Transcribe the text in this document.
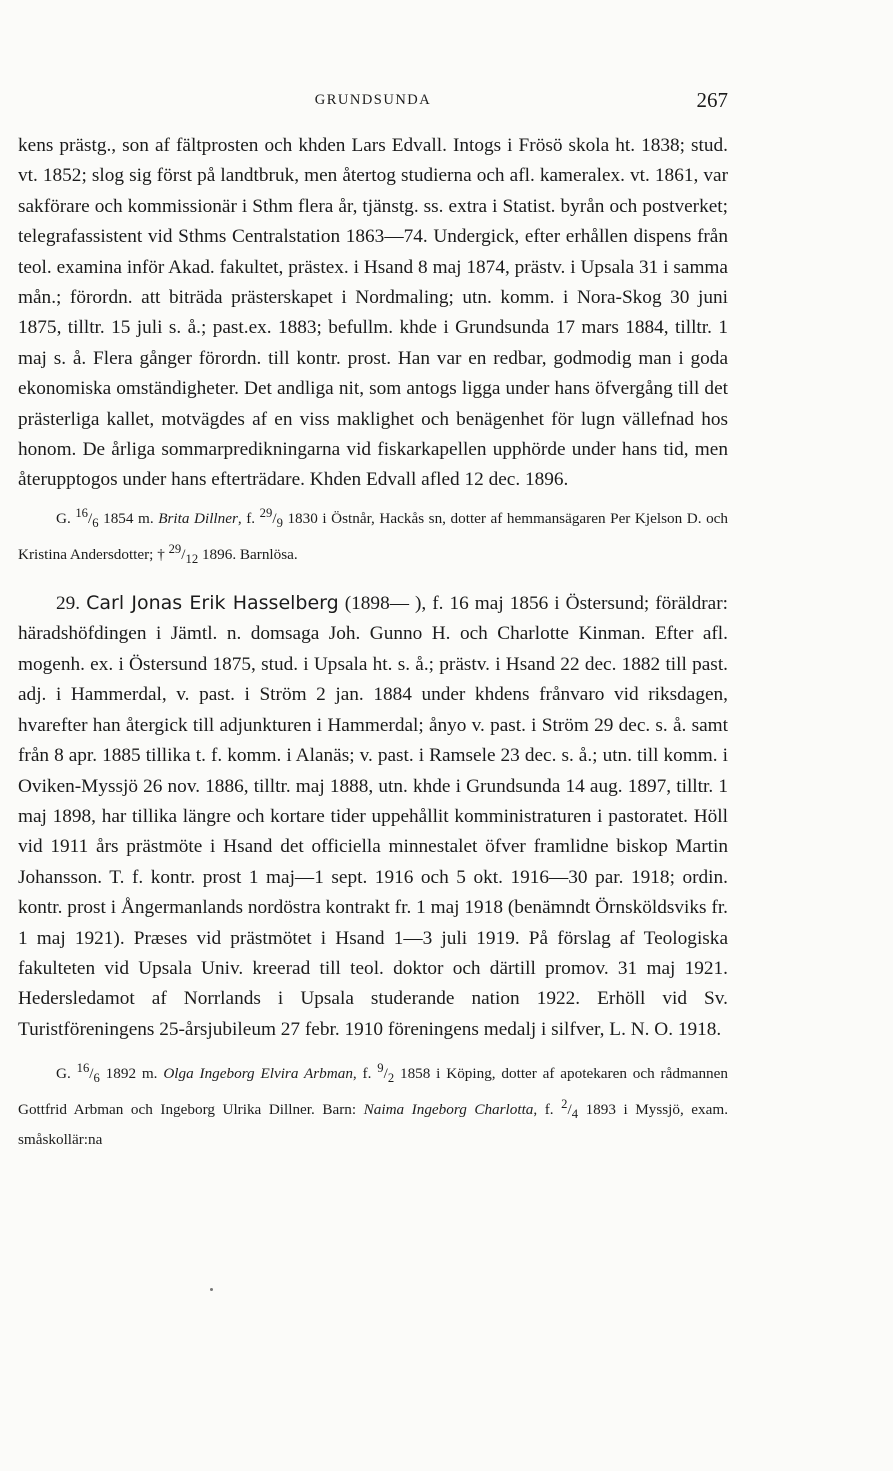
GRUNDSUNDA	267

kens prästg., son af fältprosten och khden Lars Edvall. Intogs i Frösö skola ht. 1838; stud. vt. 1852; slog sig först på landtbruk, men återtog studierna och afl. kameralex. vt. 1861, var sakförare och kommissionär i Sthm flera år, tjänstg. ss. extra i Statist. byrån och postverket; telegrafassistent vid Sthms Centralstation 1863—74. Undergick, efter erhållen dispens från teol. examina inför Akad. fakultet, prästex. i Hsand 8 maj 1874, prästv. i Upsala 31 i samma mån.; förordn. att biträda prästerskapet i Nordmaling; utn. komm. i Nora-Skog 30 juni 1875, tilltr. 15 juli s. å.; past.ex. 1883; befullm. khde i Grundsunda 17 mars 1884, tilltr. 1 maj s. å. Flera gånger förordn. till kontr. prost. Han var en redbar, godmodig man i goda ekonomiska omständigheter. Det andliga nit, som antogs ligga under hans öfvergång till det prästerliga kallet, motvägdes af en viss maklighet och benägenhet för lugn vällefnad hos honom. De årliga sommarpredikningarna vid fiskarkapellen upphörde under hans tid, men återupptogos under hans efterträdare. Khden Edvall afled 12 dec. 1896.

G. $^{16}/_6$ 1854 m. Brita Dillner, f. $^{29}/_9$ 1830 i Östnår, Hackås sn, dotter af hemmansägaren Per Kjelson D. och Kristina Andersdotter; † $^{29}/_{12}$ 1896. Barnlösa.

29. Carl Jonas Erik Hasselberg (1898— ), f. 16 maj 1856 i Östersund; föräldrar: häradshöfdingen i Jämtl. n. domsaga Joh. Gunno H. och Charlotte Kinman. Efter afl. mogenh. ex. i Östersund 1875, stud. i Upsala ht. s. å.; prästv. i Hsand 22 dec. 1882 till past. adj. i Hammerdal, v. past. i Ström 2 jan. 1884 under khdens frånvaro vid riksdagen, hvarefter han återgick till adjunkturen i Hammerdal; ånyo v. past. i Ström 29 dec. s. å. samt från 8 apr. 1885 tillika t. f. komm. i Alanäs; v. past. i Ramsele 23 dec. s. å.; utn. till komm. i Oviken-Myssjö 26 nov. 1886, tilltr. maj 1888, utn. khde i Grundsunda 14 aug. 1897, tilltr. 1 maj 1898, har tillika längre och kortare tider uppehållit komministraturen i pastoratet. Höll vid 1911 års prästmöte i Hsand det officiella minnestalet öfver framlidne biskop Martin Johansson. T. f. kontr. prost 1 maj—1 sept. 1916 och 5 okt. 1916—30 par. 1918; ordin. kontr. prost i Ångermanlands nordöstra kontrakt fr. 1 maj 1918 (benämndt Örnsköldsviks fr. 1 maj 1921). Præses vid prästmötet i Hsand 1—3 juli 1919. På förslag af Teologiska fakulteten vid Upsala Univ. kreerad till teol. doktor och därtill promov. 31 maj 1921. Hedersledamot af Norrlands i Upsala studerande nation 1922. Erhöll vid Sv. Turistföreningens 25-årsjubileum 27 febr. 1910 föreningens medalj i silfver, L. N. O. 1918.

G. $^{16}/_6$ 1892 m. Olga Ingeborg Elvira Arbman, f. $^9/_2$ 1858 i Köping, dotter af apotekaren och rådmannen Gottfrid Arbman och Ingeborg Ulrika Dillner. Barn: Naima Ingeborg Charlotta, f. $^2/_4$ 1893 i Myssjö, exam. småskollär:na
